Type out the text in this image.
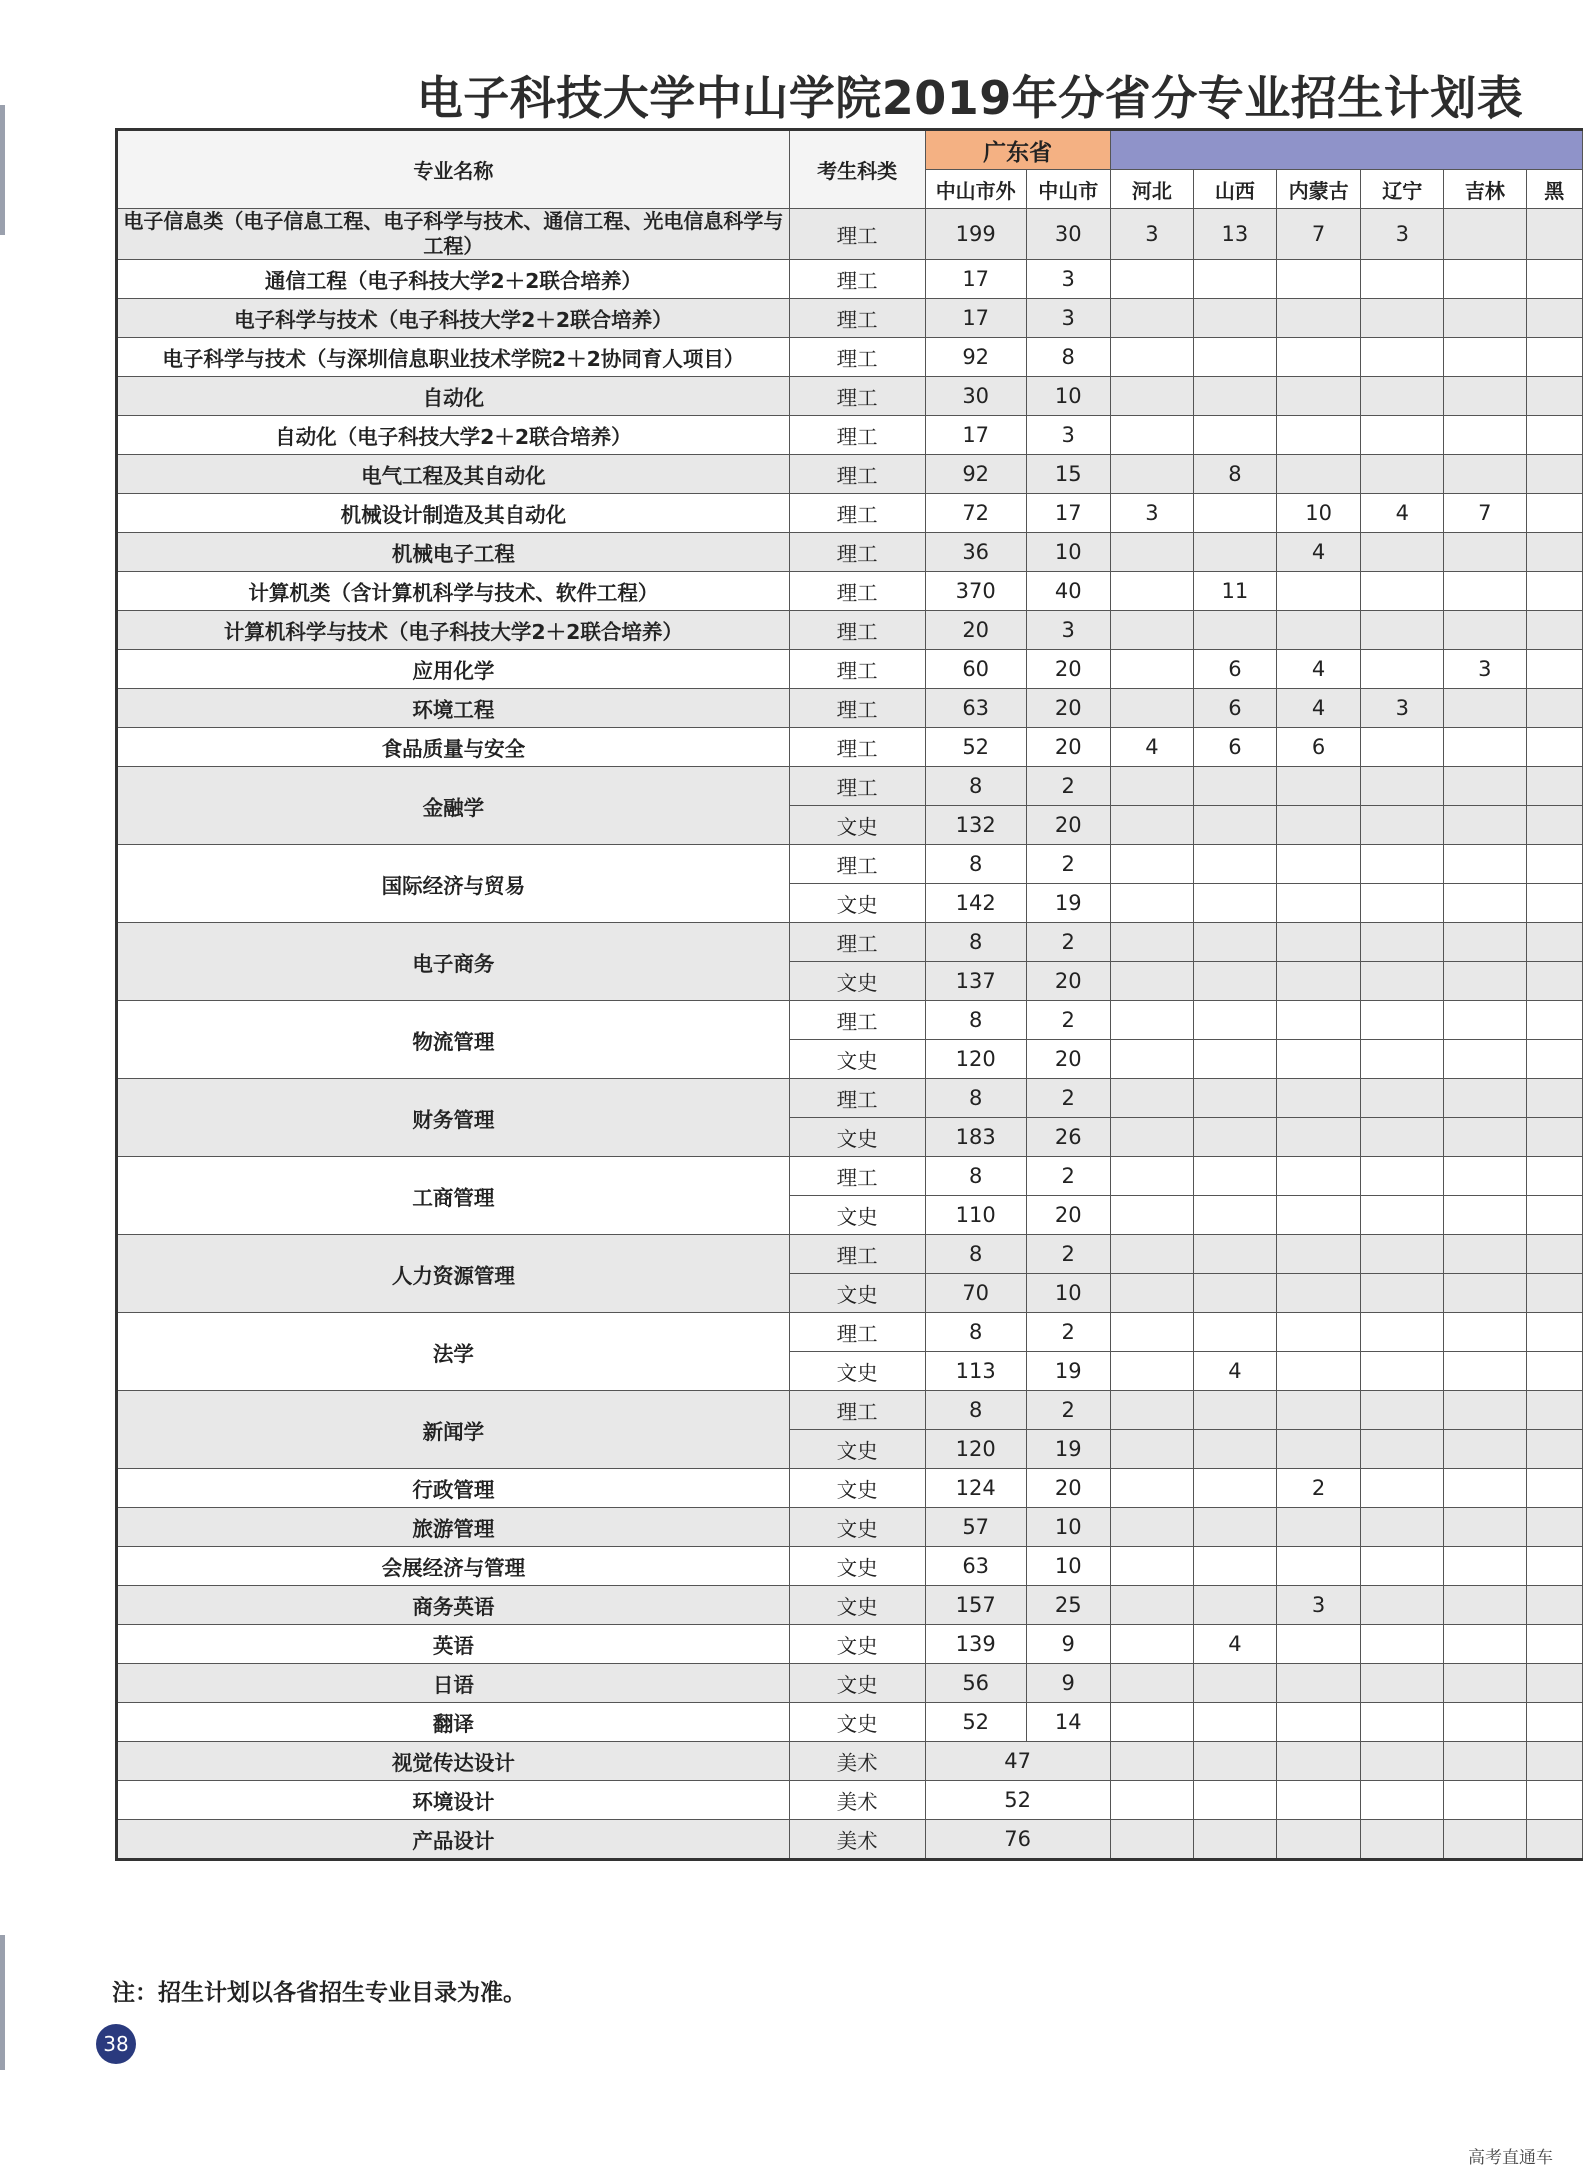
电子科技大学中山学院2019年分省分专业招生计划表
专业名称	考生科类	广东省							
		中山市外	中山市	河北	山西	内蒙古	辽宁	吉林	黑
电子信息类（电子信息工程、电子科学与技术、通信工程、光电信息科学与工程）	理工	199	30	3	13	7	3		
通信工程（电子科技大学2＋2联合培养）	理工	17	3						
电子科学与技术（电子科技大学2＋2联合培养）	理工	17	3						
电子科学与技术（与深圳信息职业技术学院2＋2协同育人项目）	理工	92	8						
自动化	理工	30	10						
自动化（电子科技大学2＋2联合培养）	理工	17	3						
电气工程及其自动化	理工	92	15		8				
机械设计制造及其自动化	理工	72	17	3		10	4	7	
机械电子工程	理工	36	10			4			
计算机类（含计算机科学与技术、软件工程）	理工	370	40		11				
计算机科学与技术（电子科技大学2＋2联合培养）	理工	20	3						
应用化学	理工	60	20		6	4		3	
环境工程	理工	63	20		6	4	3		
食品质量与安全	理工	52	20	4	6	6			
金融学	理工	8	2						
	文史	132	20						
国际经济与贸易	理工	8	2						
	文史	142	19						
电子商务	理工	8	2						
	文史	137	20						
物流管理	理工	8	2						
	文史	120	20						
财务管理	理工	8	2						
	文史	183	26						
工商管理	理工	8	2						
	文史	110	20						
人力资源管理	理工	8	2						
	文史	70	10						
法学	理工	8	2						
	文史	113	19		4				
新闻学	理工	8	2						
	文史	120	19						
行政管理	文史	124	20			2			
旅游管理	文史	57	10						
会展经济与管理	文史	63	10						
商务英语	文史	157	25			3			
英语	文史	139	9		4				
日语	文史	56	9						
翻译	文史	52	14						
视觉传达设计	美术	47							
环境设计	美术	52							
产品设计	美术	76							
注：招生计划以各省招生专业目录为准。
38
高考直通车
